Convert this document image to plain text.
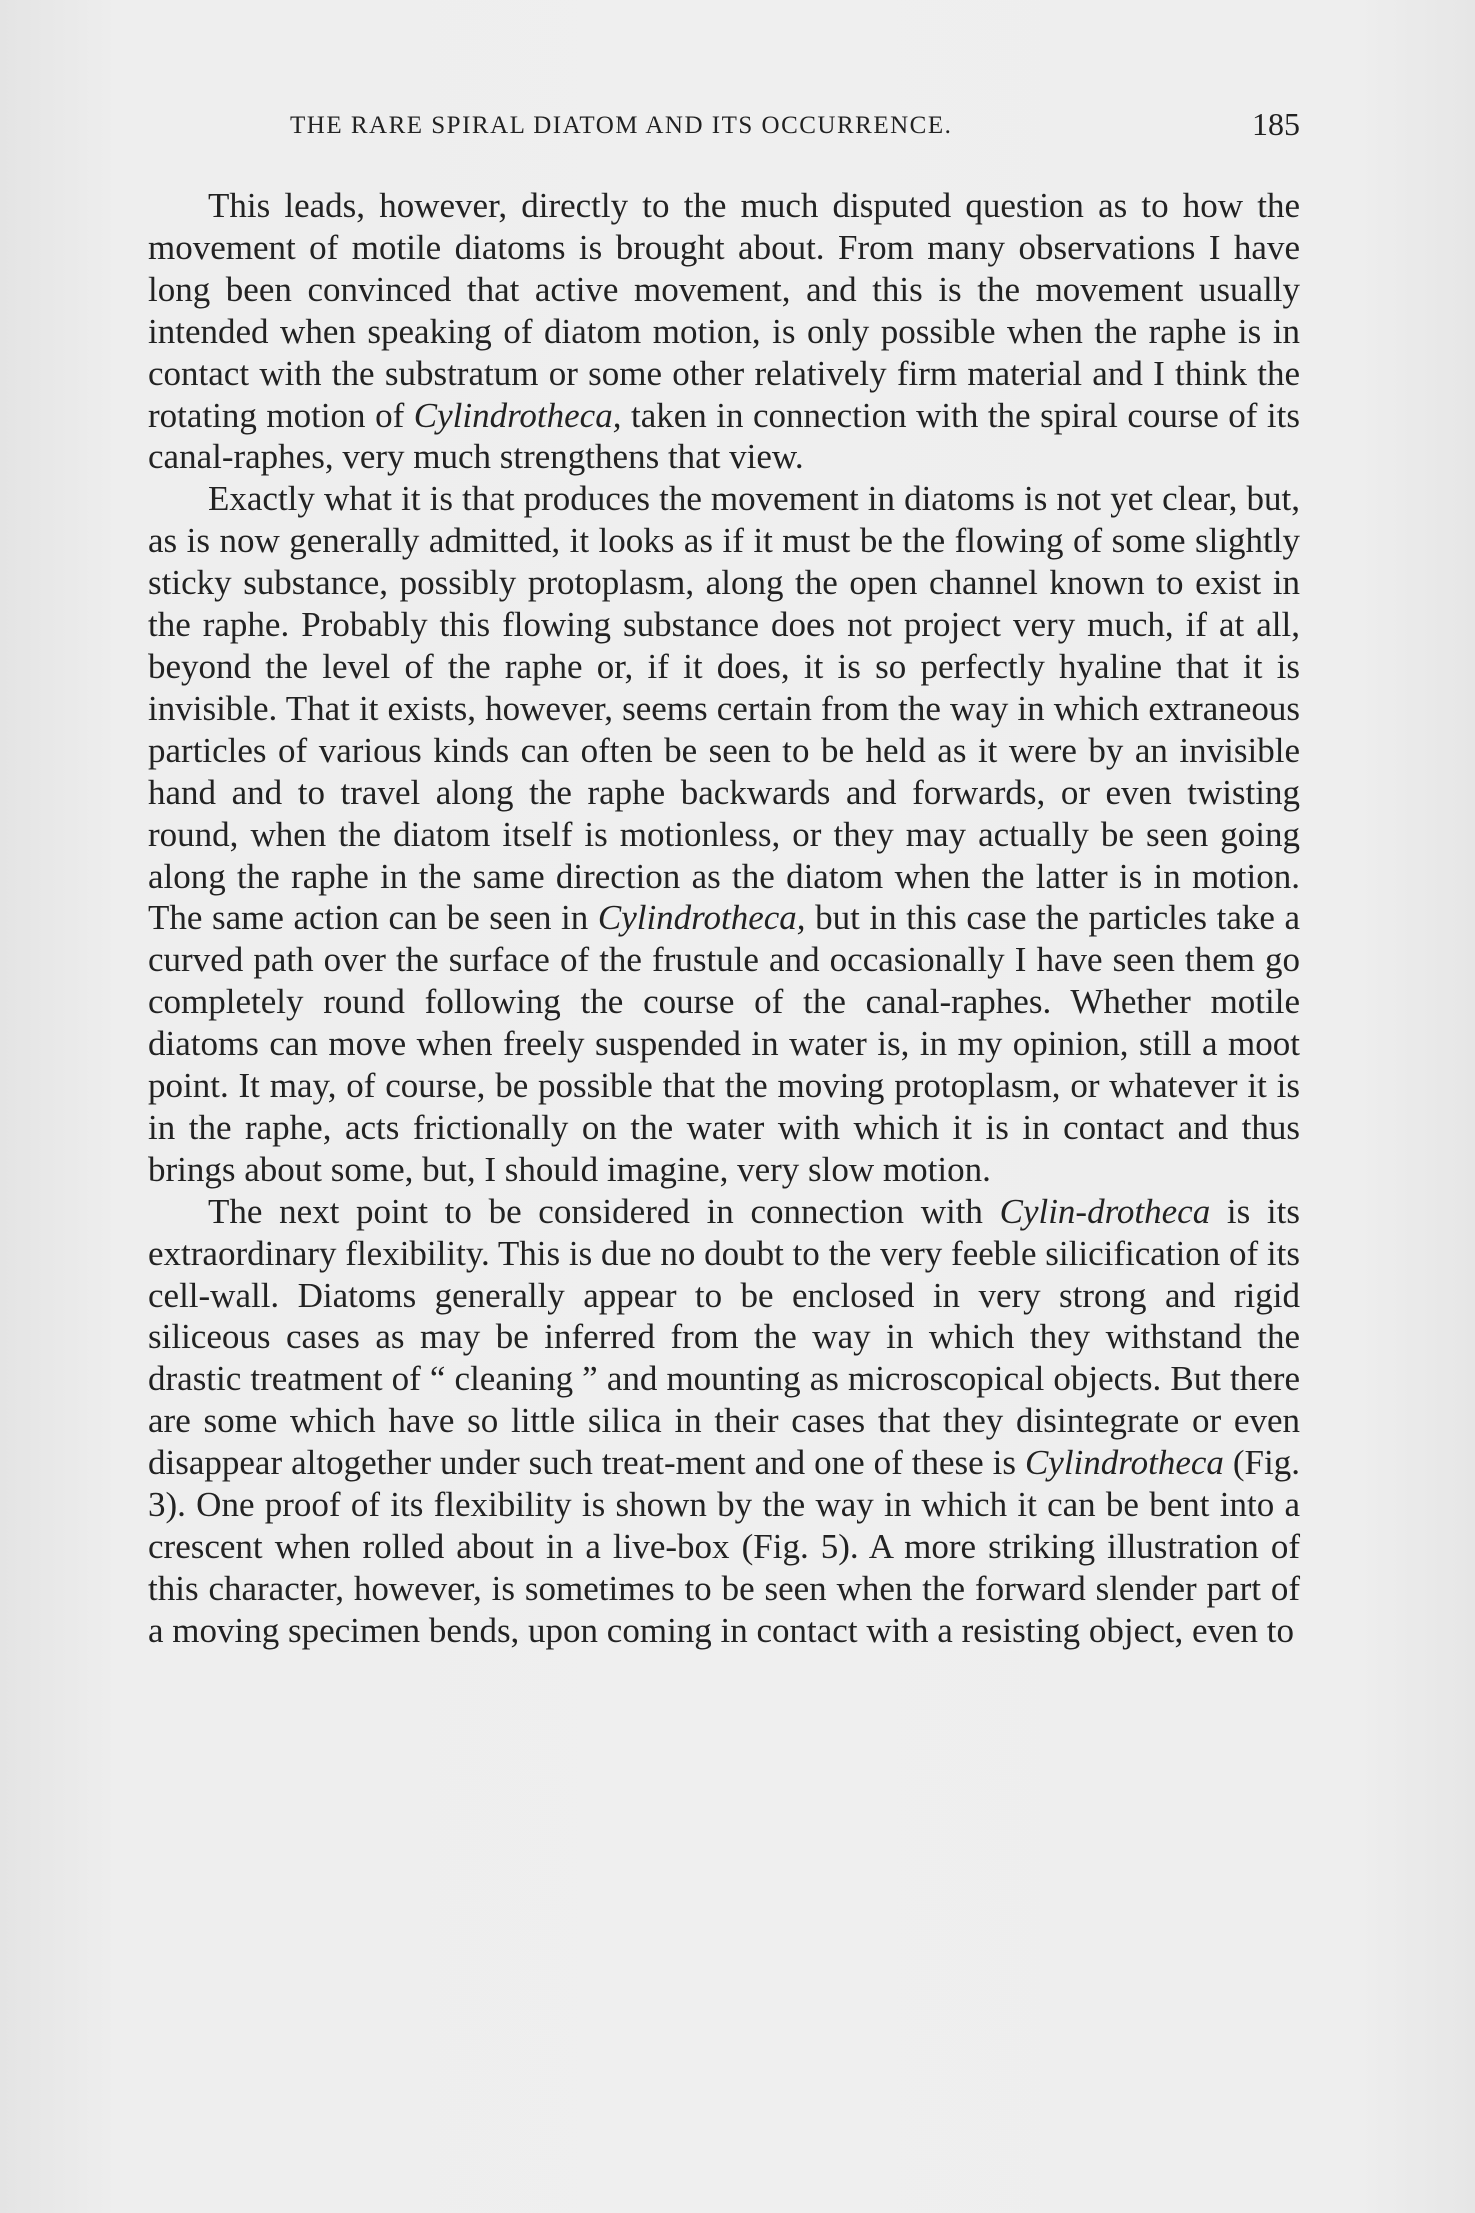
THE RARE SPIRAL DIATOM AND ITS OCCURRENCE.	185

This leads, however, directly to the much disputed question as to how the movement of motile diatoms is brought about. From many observations I have long been convinced that active movement, and this is the movement usually intended when speaking of diatom motion, is only possible when the raphe is in contact with the substratum or some other relatively firm material and I think the rotating motion of Cylindrotheca, taken in connection with the spiral course of its canal-raphes, very much strengthens that view.

Exactly what it is that produces the movement in diatoms is not yet clear, but, as is now generally admitted, it looks as if it must be the flowing of some slightly sticky substance, possibly protoplasm, along the open channel known to exist in the raphe. Probably this flowing substance does not project very much, if at all, beyond the level of the raphe or, if it does, it is so perfectly hyaline that it is invisible. That it exists, however, seems certain from the way in which extraneous particles of various kinds can often be seen to be held as it were by an invisible hand and to travel along the raphe backwards and forwards, or even twisting round, when the diatom itself is motionless, or they may actually be seen going along the raphe in the same direction as the diatom when the latter is in motion. The same action can be seen in Cylindrotheca, but in this case the particles take a curved path over the surface of the frustule and occasionally I have seen them go completely round following the course of the canal-raphes. Whether motile diatoms can move when freely suspended in water is, in my opinion, still a moot point. It may, of course, be possible that the moving protoplasm, or whatever it is in the raphe, acts frictionally on the water with which it is in contact and thus brings about some, but, I should imagine, very slow motion.

The next point to be considered in connection with Cylin-drotheca is its extraordinary flexibility. This is due no doubt to the very feeble silicification of its cell-wall. Diatoms generally appear to be enclosed in very strong and rigid siliceous cases as may be inferred from the way in which they withstand the drastic treatment of “ cleaning ” and mounting as microscopical objects. But there are some which have so little silica in their cases that they disintegrate or even disappear altogether under such treat-ment and one of these is Cylindrotheca (Fig. 3). One proof of its flexibility is shown by the way in which it can be bent into a crescent when rolled about in a live-box (Fig. 5). A more striking illustration of this character, however, is sometimes to be seen when the forward slender part of a moving specimen bends, upon coming in contact with a resisting object, even to
